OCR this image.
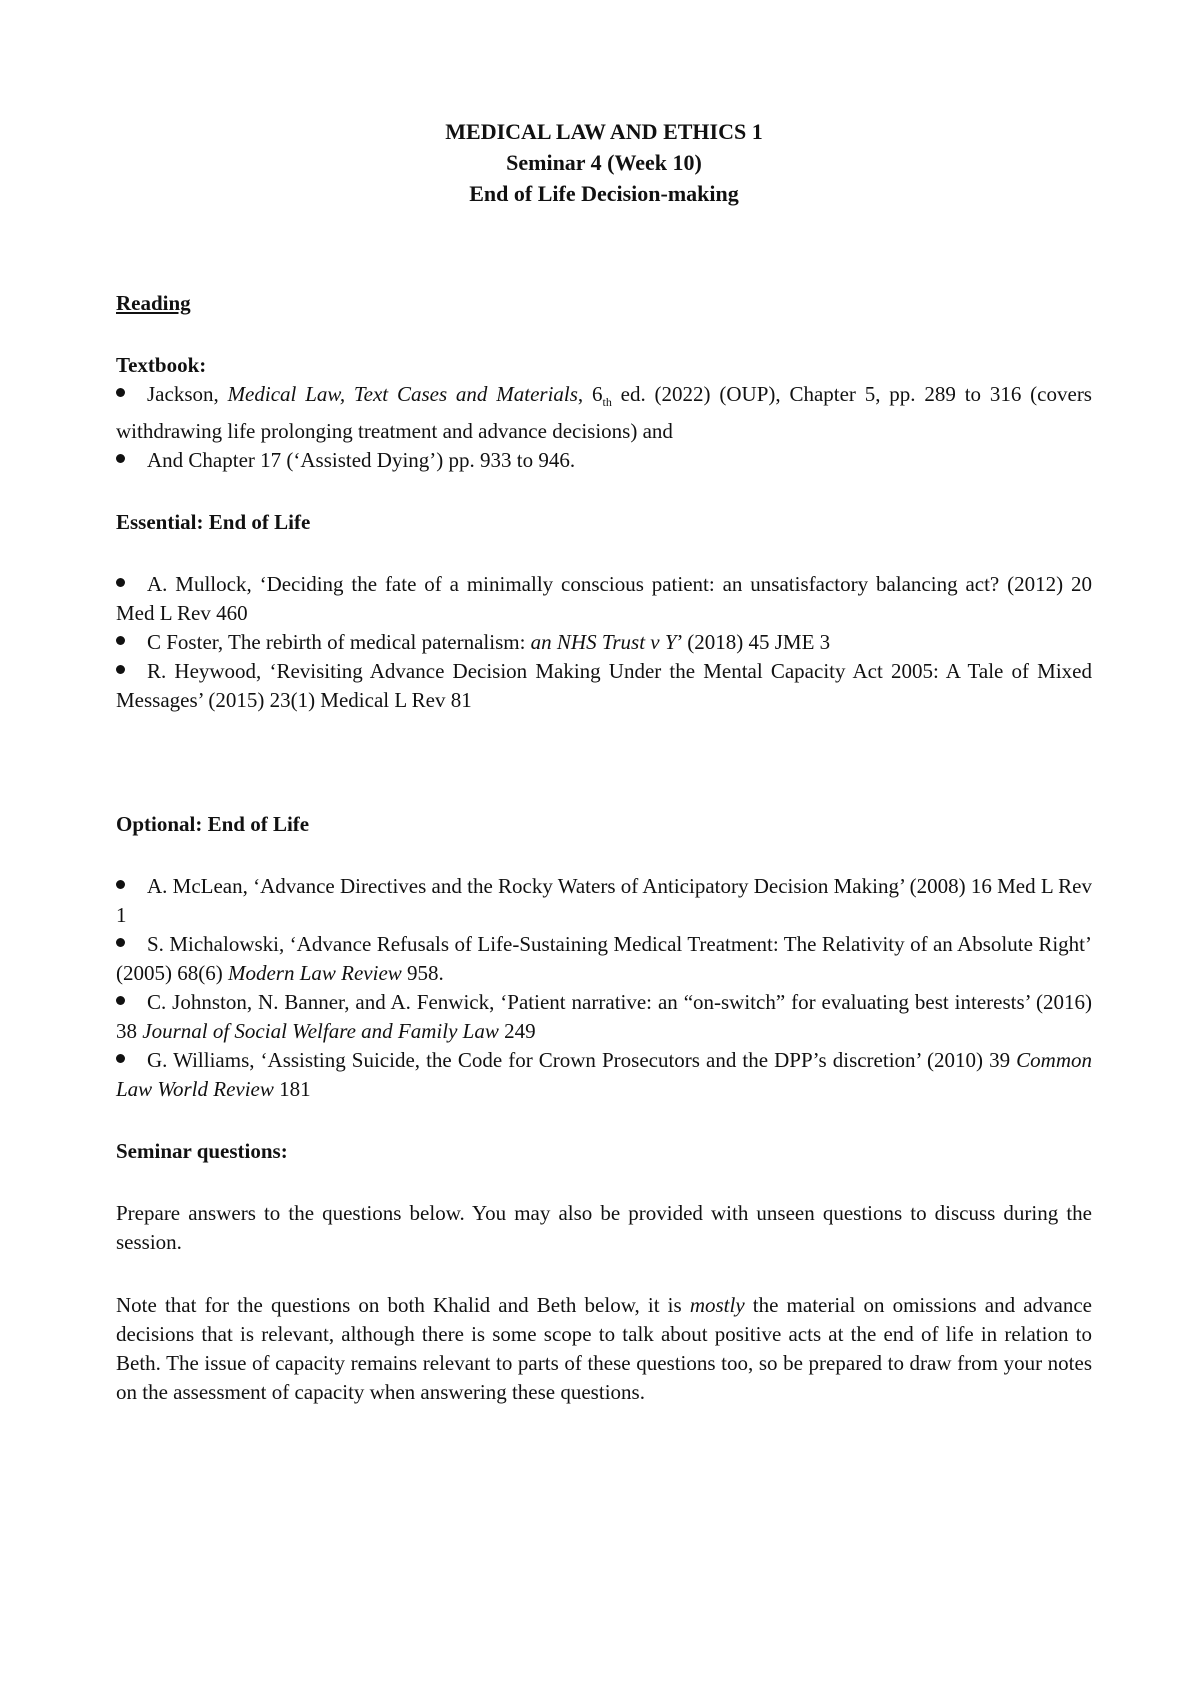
MEDICAL LAW AND ETHICS 1
Seminar 4 (Week 10)
End of Life Decision-making
Reading
Textbook:
Jackson, Medical Law, Text Cases and Materials, $6_{th}$ ed. (2022) (OUP), Chapter 5, pp. 289 to 316 (covers withdrawing life prolonging treatment and advance decisions) and
And Chapter 17 (‘Assisted Dying’) pp. 933 to 946.
Essential: End of Life
A. Mullock, ‘Deciding the fate of a minimally conscious patient: an unsatisfactory balancing act? (2012) 20 Med L Rev 460
C Foster, The rebirth of medical paternalism: an NHS Trust v Y’ (2018) 45 JME 3
R. Heywood, ‘Revisiting Advance Decision Making Under the Mental Capacity Act 2005: A Tale of Mixed Messages’ (2015) 23(1) Medical L Rev 81
Optional: End of Life
A. McLean, ‘Advance Directives and the Rocky Waters of Anticipatory Decision Making’ (2008) 16 Med L Rev 1
S. Michalowski, ‘Advance Refusals of Life-Sustaining Medical Treatment: The Relativity of an Absolute Right’ (2005) 68(6) Modern Law Review 958.
C. Johnston, N. Banner, and A. Fenwick, ‘Patient narrative: an “on-switch” for evaluating best interests’ (2016) 38 Journal of Social Welfare and Family Law 249
G. Williams, ‘Assisting Suicide, the Code for Crown Prosecutors and the DPP’s discretion’ (2010) 39 Common Law World Review 181
Seminar questions:

Prepare answers to the questions below. You may also be provided with unseen questions to discuss during the session.

Note that for the questions on both Khalid and Beth below, it is mostly the material on omissions and advance decisions that is relevant, although there is some scope to talk about positive acts at the end of life in relation to Beth. The issue of capacity remains relevant to parts of these questions too, so be prepared to draw from your notes on the assessment of capacity when answering these questions.
